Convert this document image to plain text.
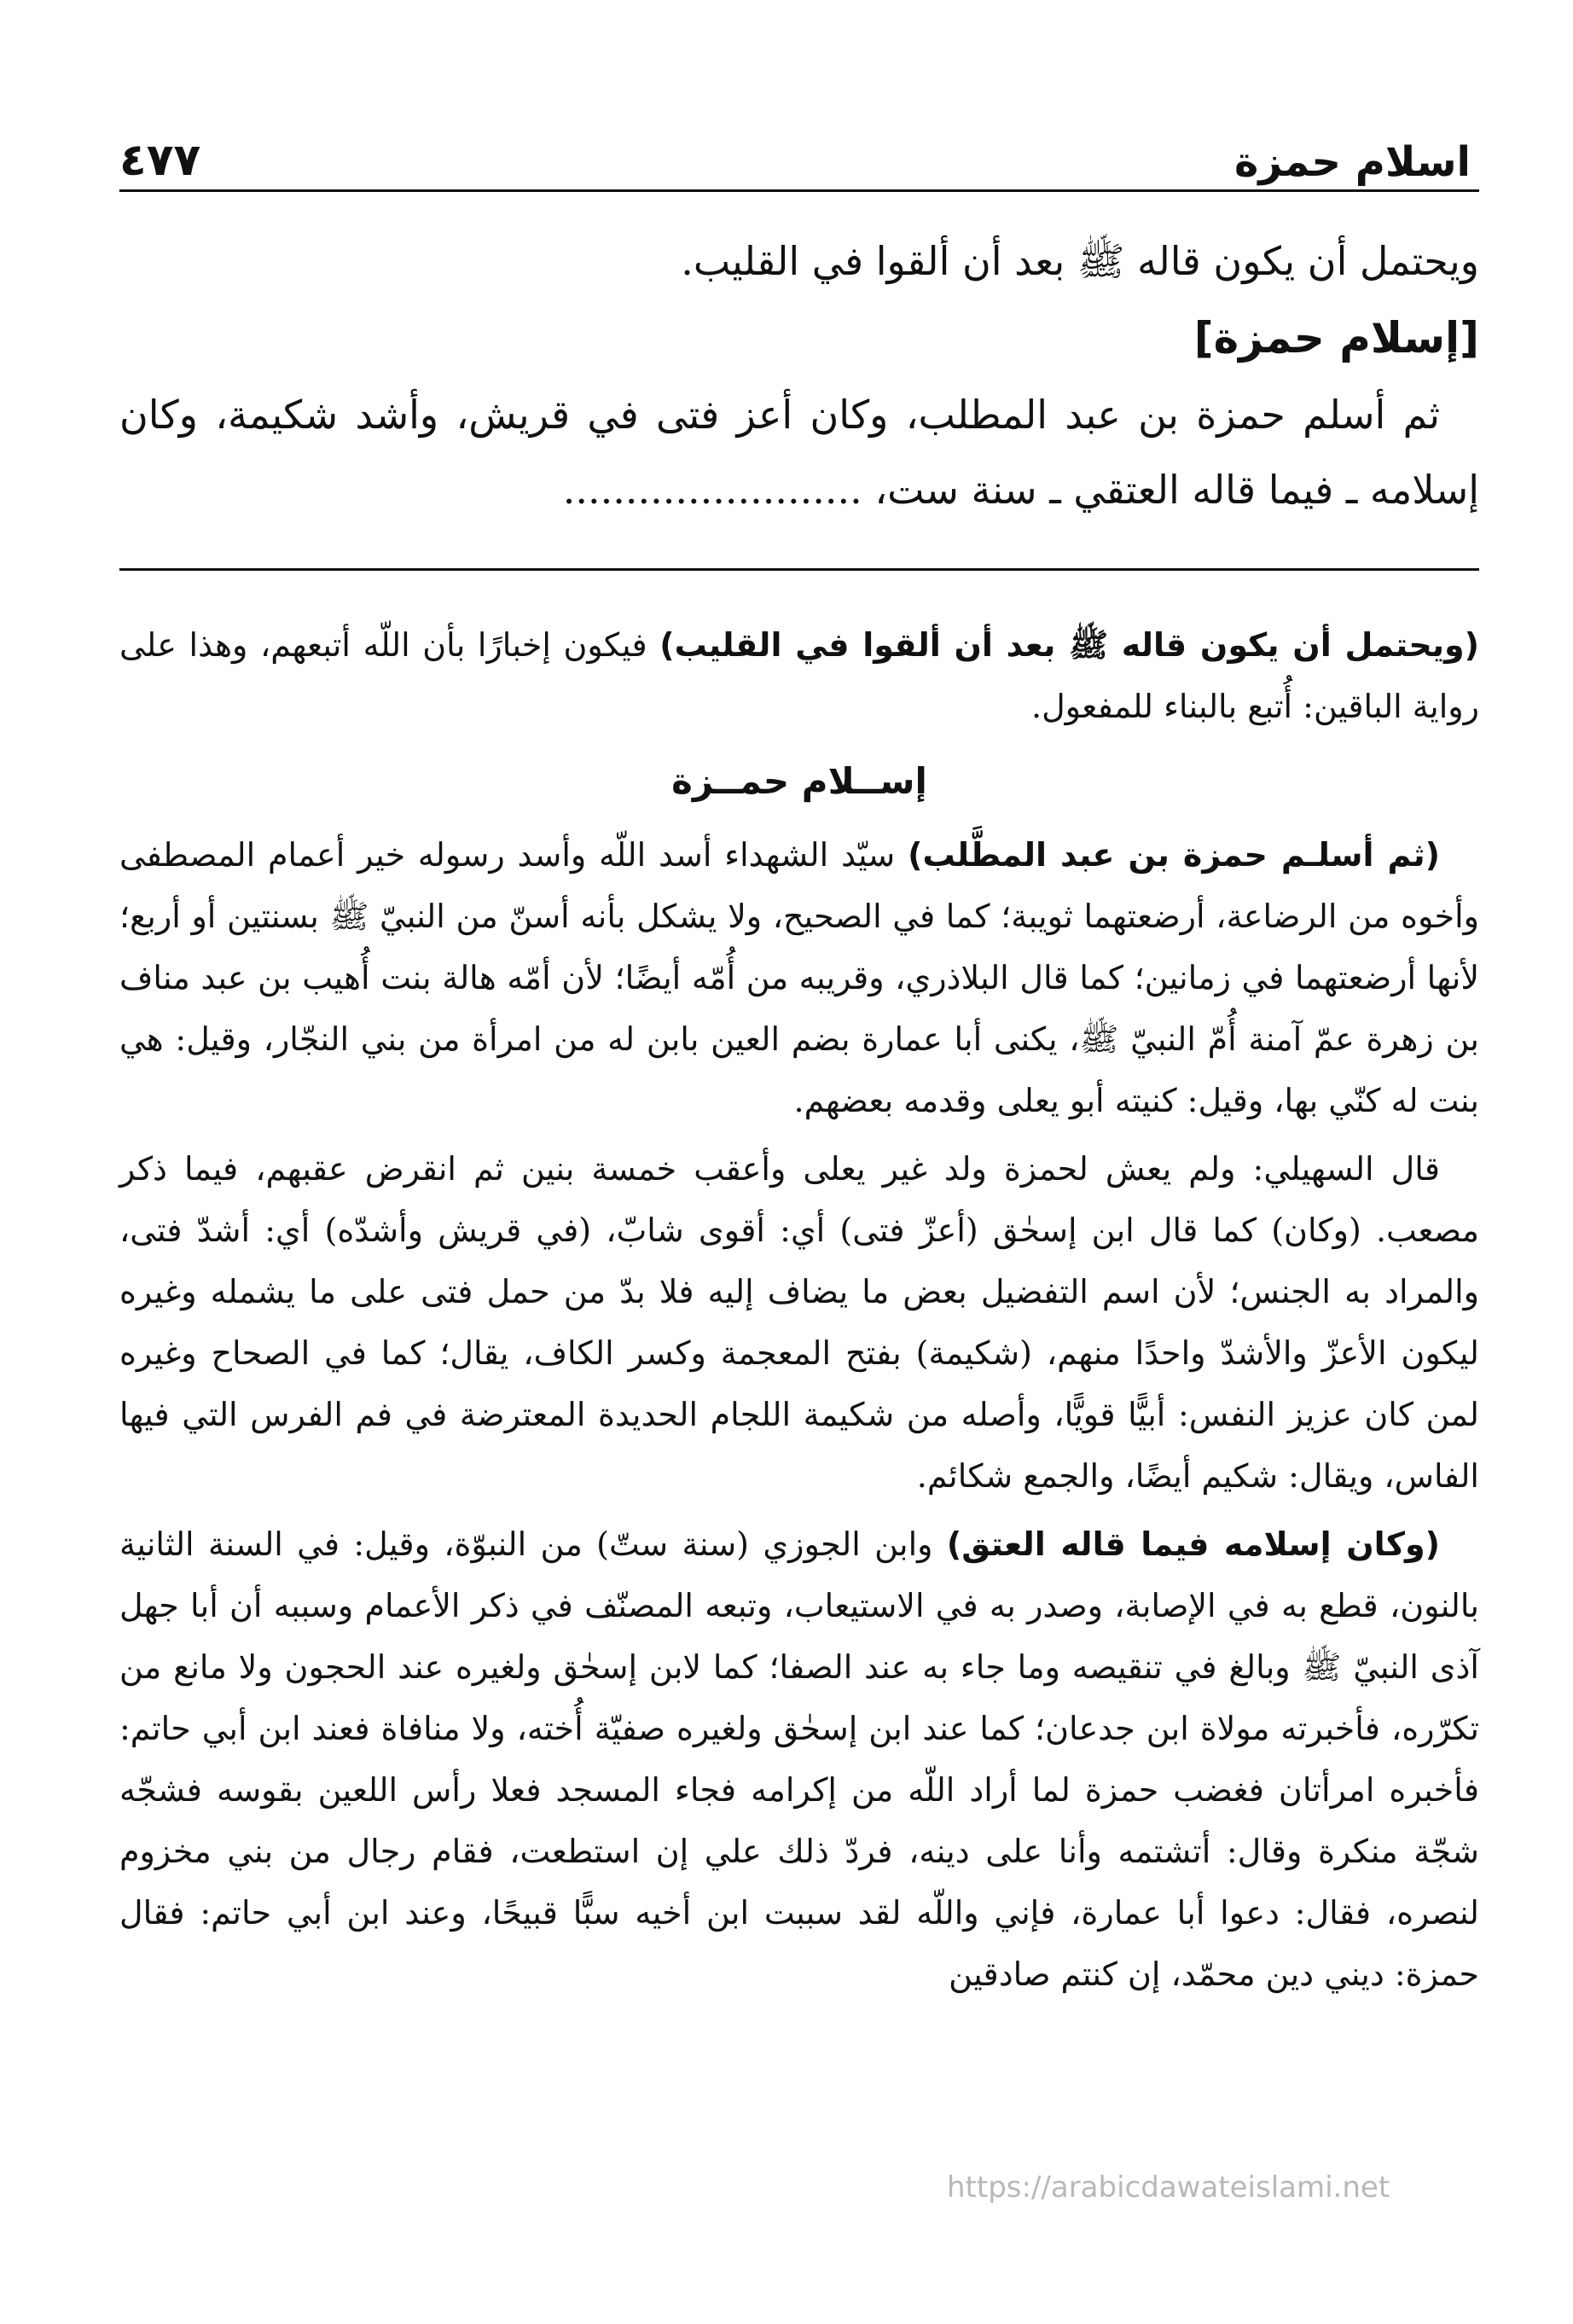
اسلام حمزة
٤٧٧

ويحتمل أن يكون قاله ﷺ بعد أن ألقوا في القليب.

[إسلام حمزة]

ثم أسلم حمزة بن عبد المطلب، وكان أعز فتى في قريش، وأشد شكيمة، وكان إسلامه ـ فيما قاله العتقي ـ سنة ست، ........................

(ويحتمل أن يكون قاله ﷺ بعد أن ألقوا في القليب) فيكون إخبارًا بأن اللّه أتبعهم، وهذا على رواية الباقين: أُتبع بالبناء للمفعول.

إســلام حمــزة

(ثم أسلـم حمزة بن عبد المطَّلب) سيّد الشهداء أسد اللّه وأسد رسوله خير أعمام المصطفى وأخوه من الرضاعة، أرضعتهما ثويبة؛ كما في الصحيح، ولا يشكل بأنه أسنّ من النبيّ ﷺ بسنتين أو أربع؛ لأنها أرضعتهما في زمانين؛ كما قال البلاذري، وقريبه من أُمّه أيضًا؛ لأن أمّه هالة بنت أُهيب بن عبد مناف بن زهرة عمّ آمنة أُمّ النبيّ ﷺ، يكنى أبا عمارة بضم العين بابن له من امرأة من بني النجّار، وقيل: هي بنت له كنّي بها، وقيل: كنيته أبو يعلى وقدمه بعضهم.

قال السهيلي: ولم يعش لحمزة ولد غير يعلى وأعقب خمسة بنين ثم انقرض عقبهم، فيما ذكر مصعب. (وكان) كما قال ابن إسحٰق (أعزّ فتى) أي: أقوى شابّ، (في قريش وأشدّه) أي: أشدّ فتى، والمراد به الجنس؛ لأن اسم التفضيل بعض ما يضاف إليه فلا بدّ من حمل فتى على ما يشمله وغيره ليكون الأعزّ والأشدّ واحدًا منهم، (شكيمة) بفتح المعجمة وكسر الكاف، يقال؛ كما في الصحاح وغيره لمن كان عزيز النفس: أبيًّا قويًّا، وأصله من شكيمة اللجام الحديدة المعترضة في فم الفرس التي فيها الفاس، ويقال: شكيم أيضًا، والجمع شكائم.

(وكان إسلامه فيما قاله العتق) وابن الجوزي (سنة ستّ) من النبوّة، وقيل: في السنة الثانية بالنون، قطع به في الإصابة، وصدر به في الاستيعاب، وتبعه المصنّف في ذكر الأعمام وسببه أن أبا جهل آذى النبيّ ﷺ وبالغ في تنقيصه وما جاء به عند الصفا؛ كما لابن إسحٰق ولغيره عند الحجون ولا مانع من تكرّره، فأخبرته مولاة ابن جدعان؛ كما عند ابن إسحٰق ولغيره صفيّة أُخته، ولا منافاة فعند ابن أبي حاتم: فأخبره امرأتان فغضب حمزة لما أراد اللّه من إكرامه فجاء المسجد فعلا رأس اللعين بقوسه فشجّه شجّة منكرة وقال: أتشتمه وأنا على دينه، فردّ ذلك علي إن استطعت، فقام رجال من بني مخزوم لنصره، فقال: دعوا أبا عمارة، فإني واللّه لقد سببت ابن أخيه سبًّا قبيحًا، وعند ابن أبي حاتم: فقال حمزة: ديني دين محمّد، إن كنتم صادقين

https://arabicdawateislami.net
